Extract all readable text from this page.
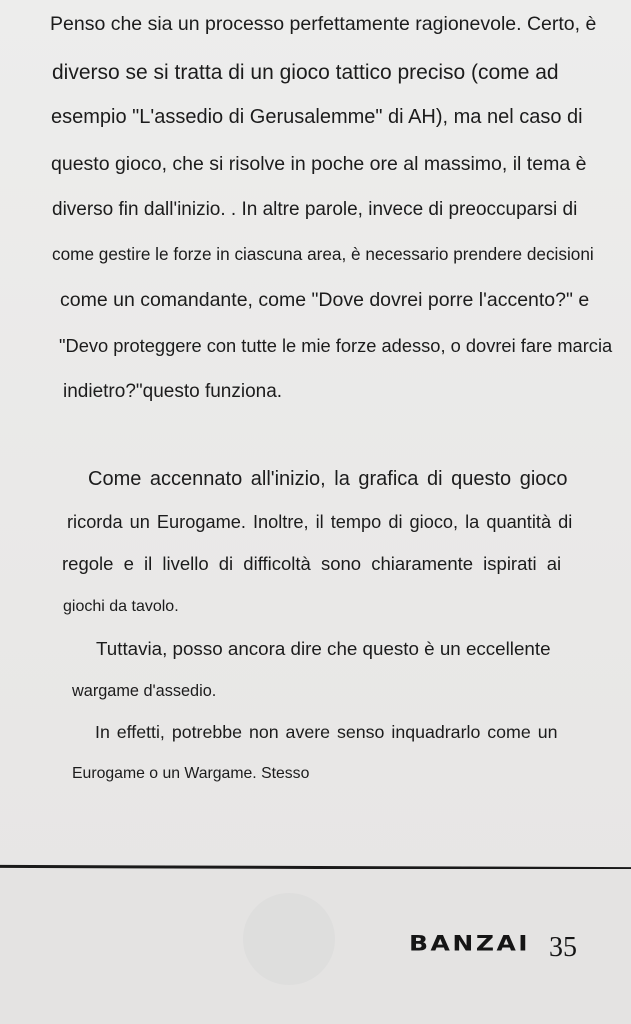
Penso che sia un processo perfettamente ragionevole. Certo, è
diverso se si tratta di un gioco tattico preciso (come ad
esempio "L'assedio di Gerusalemme" di AH), ma nel caso di
questo gioco, che si risolve in poche ore al massimo, il tema è
diverso fin dall'inizio. . In altre parole, invece di preoccuparsi di
come gestire le forze in ciascuna area, è necessario prendere decisioni
come un comandante, come "Dove dovrei porre l'accento?" e
"Devo proteggere con tutte le mie forze adesso, o dovrei fare marcia
indietro?"questo funziona.
Come accennato all'inizio, la grafica di questo gioco
ricorda un Eurogame. Inoltre, il tempo di gioco, la quantità di
regole e il livello di difficoltà sono chiaramente ispirati ai
giochi da tavolo.
Tuttavia, posso ancora dire che questo è un eccellente
wargame d'assedio.
In effetti, potrebbe non avere senso inquadrarlo come un
Eurogame o un Wargame. Stesso
BANZAI 35
